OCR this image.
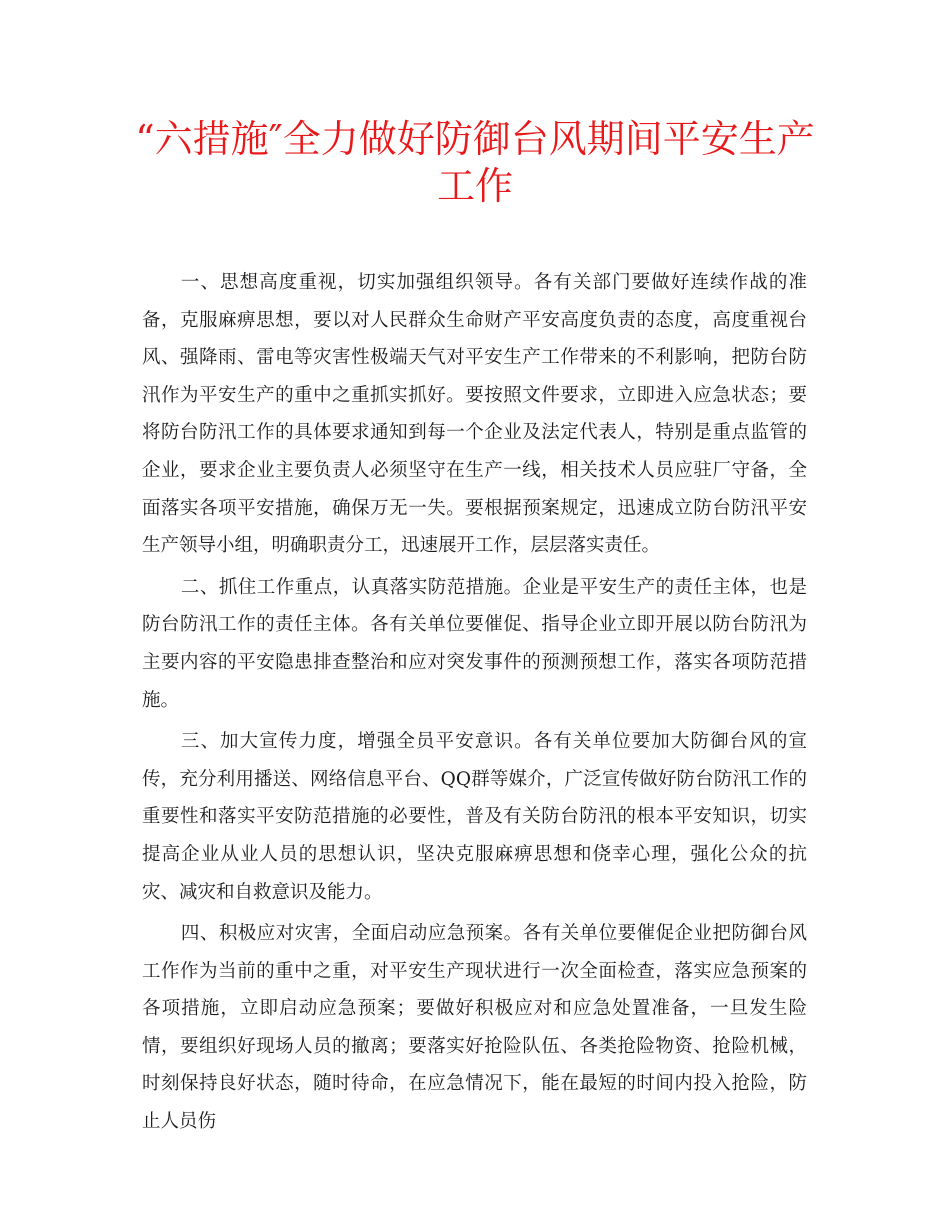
“六措施″全力做好防御台风期间平安生产
工作

一、思想高度重视，切实加强组织领导。各有关部门要做好连续作战的准备，克服麻痹思想，要以对人民群众生命财产平安高度负责的态度，高度重视台风、强降雨、雷电等灾害性极端天气对平安生产工作带来的不利影响，把防台防汛作为平安生产的重中之重抓实抓好。要按照文件要求，立即进入应急状态；要将防台防汛工作的具体要求通知到每一个企业及法定代表人，特别是重点监管的企业，要求企业主要负责人必须坚守在生产一线，相关技术人员应驻厂守备，全面落实各项平安措施，确保万无一失。要根据预案规定，迅速成立防台防汛平安生产领导小组，明确职责分工，迅速展开工作，层层落实责任。

二、抓住工作重点，认真落实防范措施。企业是平安生产的责任主体，也是防台防汛工作的责任主体。各有关单位要催促、指导企业立即开展以防台防汛为主要内容的平安隐患排查整治和应对突发事件的预测预想工作，落实各项防范措施。

三、加大宣传力度，增强全员平安意识。各有关单位要加大防御台风的宣传，充分利用播送、网络信息平台、QQ群等媒介，广泛宣传做好防台防汛工作的重要性和落实平安防范措施的必要性，普及有关防台防汛的根本平安知识，切实提高企业从业人员的思想认识，坚决克服麻痹思想和侥幸心理，强化公众的抗灾、减灾和自救意识及能力。

四、积极应对灾害，全面启动应急预案。各有关单位要催促企业把防御台风工作作为当前的重中之重，对平安生产现状进行一次全面检查，落实应急预案的各项措施，立即启动应急预案；要做好积极应对和应急处置准备，一旦发生险情，要组织好现场人员的撤离；要落实好抢险队伍、各类抢险物资、抢险机械，时刻保持良好状态，随时待命，在应急情况下，能在最短的时间内投入抢险，防止人员伤
